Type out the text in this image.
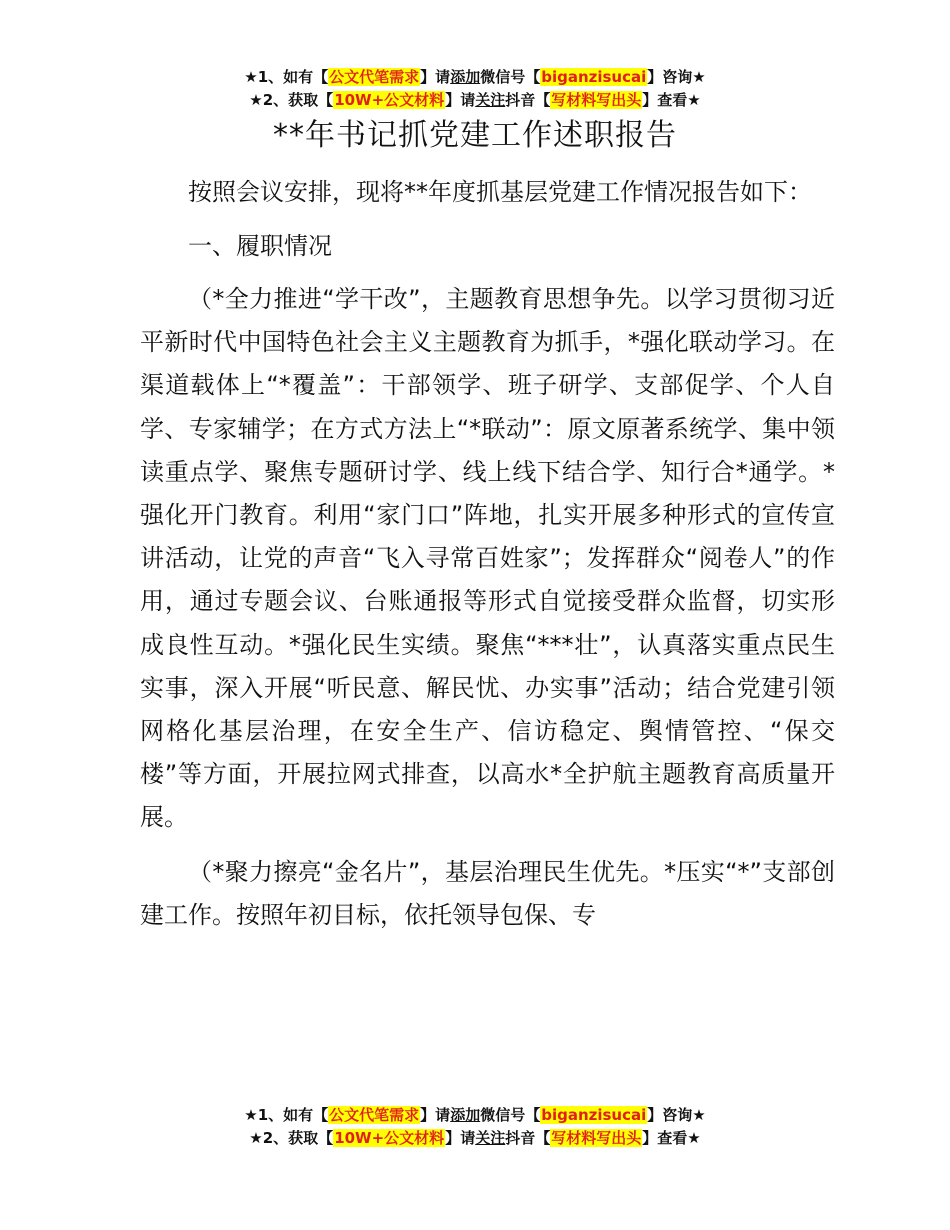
★1、如有【公文代笔需求】请添加微信号【biganzisucai】咨询★
★2、获取【10W+公文材料】请关注抖音【写材料写出头】查看★
**年书记抓党建工作述职报告

按照会议安排，现将**年度抓基层党建工作情况报告如下：

一、履职情况

（*全力推进“学干改”，主题教育思想争先。以学习贯彻习近平新时代中国特色社会主义主题教育为抓手，*强化联动学习。在渠道载体上“*覆盖”：干部领学、班子研学、支部促学、个人自学、专家辅学；在方式方法上“*联动”：原文原著系统学、集中领读重点学、聚焦专题研讨学、线上线下结合学、知行合*通学。*强化开门教育。利用“家门口”阵地，扎实开展多种形式的宣传宣讲活动，让党的声音“飞入寻常百姓家”；发挥群众“阅卷人”的作用，通过专题会议、台账通报等形式自觉接受群众监督，切实形成良性互动。*强化民生实绩。聚焦“***壮”，认真落实重点民生实事，深入开展“听民意、解民忧、办实事”活动；结合党建引领网格化基层治理，在安全生产、信访稳定、舆情管控、“保交楼”等方面，开展拉网式排查，以高水*全护航主题教育高质量开展。

（*聚力擦亮“金名片”，基层治理民生优先。*压实“*”支部创建工作。按照年初目标，依托领导包保、专

★1、如有【公文代笔需求】请添加微信号【biganzisucai】咨询★
★2、获取【10W+公文材料】请关注抖音【写材料写出头】查看★
